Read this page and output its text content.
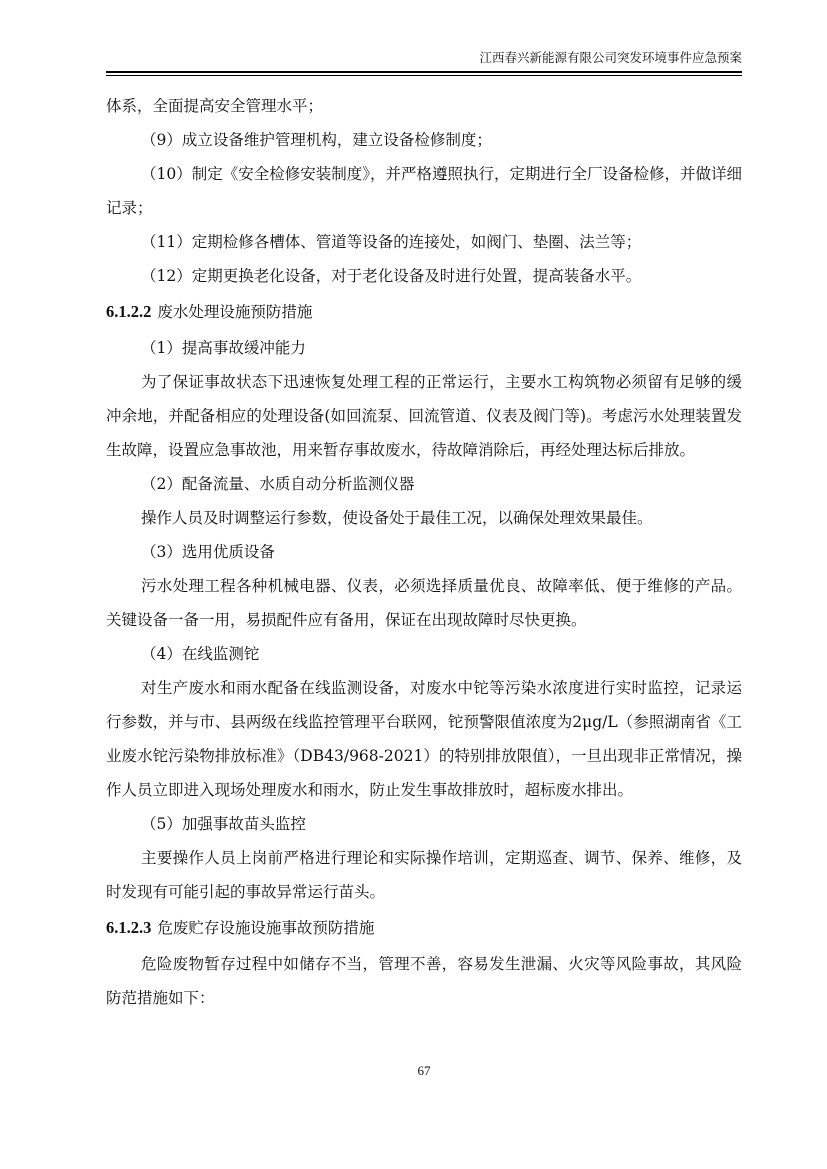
江西春兴新能源有限公司突发环境事件应急预案

体系，全面提高安全管理水平；

（9）成立设备维护管理机构，建立设备检修制度；

（10）制定《安全检修安装制度》，并严格遵照执行，定期进行全厂设备检修，并做详细记录；

（11）定期检修各槽体、管道等设备的连接处，如阀门、垫圈、法兰等；

（12）定期更换老化设备，对于老化设备及时进行处置，提高装备水平。

6.1.2.2 废水处理设施预防措施

（1）提高事故缓冲能力

为了保证事故状态下迅速恢复处理工程的正常运行，主要水工构筑物必须留有足够的缓冲余地，并配备相应的处理设备(如回流泵、回流管道、仪表及阀门等)。考虑污水处理装置发生故障，设置应急事故池，用来暂存事故废水，待故障消除后，再经处理达标后排放。

（2）配备流量、水质自动分析监测仪器

操作人员及时调整运行参数，使设备处于最佳工况，以确保处理效果最佳。

（3）选用优质设备

污水处理工程各种机械电器、仪表，必须选择质量优良、故障率低、便于维修的产品。关键设备一备一用，易损配件应有备用，保证在出现故障时尽快更换。

（4）在线监测铊

对生产废水和雨水配备在线监测设备，对废水中铊等污染水浓度进行实时监控，记录运行参数，并与市、县两级在线监控管理平台联网，铊预警限值浓度为2μg/L（参照湖南省《工业废水铊污染物排放标准》（DB43/968-2021）的特别排放限值），一旦出现非正常情况，操作人员立即进入现场处理废水和雨水，防止发生事故排放时，超标废水排出。

（5）加强事故苗头监控

主要操作人员上岗前严格进行理论和实际操作培训，定期巡查、调节、保养、维修，及时发现有可能引起的事故异常运行苗头。

6.1.2.3 危废贮存设施设施事故预防措施

危险废物暂存过程中如储存不当，管理不善，容易发生泄漏、火灾等风险事故，其风险防范措施如下：

67
